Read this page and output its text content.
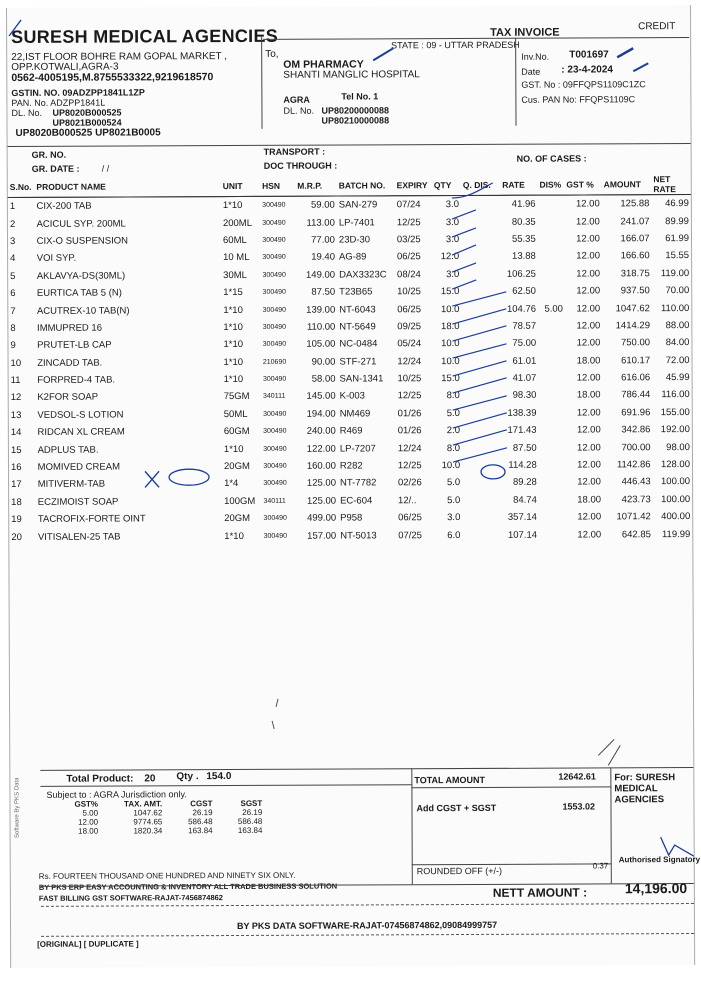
SURESH MEDICAL AGENCIES
22,IST FLOOR BOHRE RAM GOPAL MARKET ,
OPP.KOTWALI,AGRA-3
0562-4005195,M.8755533322,9219618570
GSTIN. NO. 09ADZPP1841L1ZP
PAN. No. ADZPP1841L
DL. No. UP8020B000525
UP8021B000524
UP8020B000525 UP8021B0005
To,
OM PHARMACY
SHANTI MANGLIC HOSPITAL
AGRA	Tel No. 1
DL. No. UP80200000088
UP80210000088
STATE : 09 - UTTAR PRADESH
TAX INVOICE	CREDIT
Inv.No. T001697
Date : 23-4-2024
GST. No : 09FFQPS1109C1ZC
Cus. PAN No: FFQPS1109C
GR. NO.
GR. DATE : / /
TRANSPORT :
DOC THROUGH :
NO. OF CASES :
S.No.	PRODUCT NAME	UNIT	HSN	M.R.P.	BATCH NO.	EXPIRY	QTY	Q. DIS.	RATE	DIS%	GST %	AMOUNT	NET RATE
1	CIX-200 TAB	1*10	300490	59.00	SAN-279	07/24	3.0		41.96		12.00	125.88	46.99
2	ACICUL SYP. 200ML	200ML	300490	113.00	LP-7401	12/25	3.0		80.35		12.00	241.07	89.99
3	CIX-O SUSPENSION	60ML	300490	77.00	23D-30	03/25	3.0		55.35		12.00	166.07	61.99
4	VOI SYP.	10 ML	300490	19.40	AG-89	06/25	12.0		13.88		12.00	166.60	15.55
5	AKLAVYA-DS(30ML)	30ML	300490	149.00	DAX3323C	08/24	3.0		106.25		12.00	318.75	119.00
6	EURTICA TAB 5 (N)	1*15	300490	87.50	T23B65	10/25	15.0		62.50		12.00	937.50	70.00
7	ACUTREX-10 TAB(N)	1*10	300490	139.00	NT-6043	06/25	10.0		104.76	5.00	12.00	1047.62	110.00
8	IMMUPRED 16	1*10	300490	110.00	NT-5649	09/25	18.0		78.57		12.00	1414.29	88.00
9	PRUTET-LB CAP	1*10	300490	105.00	NC-0484	05/24	10.0		75.00		12.00	750.00	84.00
10	ZINCADD TAB.	1*10	210690	90.00	STF-271	12/24	10.0		61.01		18.00	610.17	72.00
11	FORPRED-4 TAB.	1*10	300490	58.00	SAN-1341	10/25	15.0		41.07		12.00	616.06	45.99
12	K2FOR SOAP	75GM	340111	145.00	K-003	12/25	8.0		98.30		18.00	786.44	116.00
13	VEDSOL-S LOTION	50ML	300490	194.00	NM469	01/26	5.0		138.39		12.00	691.96	155.00
14	RIDCAN XL CREAM	60GM	300490	240.00	R469	01/26	2.0		171.43		12.00	342.86	192.00
15	ADPLUS TAB.	1*10	300490	122.00	LP-7207	12/24	8.0		87.50		12.00	700.00	98.00
16	MOMIVED CREAM	20GM	300490	160.00	R282	12/25	10.0		114.28		12.00	1142.86	128.00
17	MITIVERM-TAB	1*4	300490	125.00	NT-7782	02/26	5.0		89.28		12.00	446.43	100.00
18	ECZIMOIST SOAP	100GM	340111	125.00	EC-604	12/..	5.0		84.74		18.00	423.73	100.00
19	TACROFIX-FORTE OINT	20GM	300490	499.00	P958	06/25	3.0		357.14		12.00	1071.42	400.00
20	VITISALEN-25 TAB	1*10	300490	157.00	NT-5013	07/25	6.0		107.14		12.00	642.85	119.99
Total Product: 20 Qty . 154.0
Subject to : AGRA Jurisdiction only.
GST%	TAX. AMT.	CGST	SGST
5.00	1047.62	26.19	26.19
12.00	9774.65	586.48	586.48
18.00	1820.34	163.84	163.84
TOTAL AMOUNT	12642.61
Add CGST + SGST	1553.02
For: SURESH
MEDICAL
AGENCIES
ROUNDED OFF (+/-)	0.37
Authorised Signatory
Rs. FOURTEEN THOUSAND ONE HUNDRED AND NINETY SIX ONLY.
BY PKS ERP EASY ACCOUNTING & INVENTORY ALL TRADE BUSINESS SOLUTION
FAST BILLING GST SOFTWARE-RAJAT-7456874862	NETT AMOUNT :	14,196.00
BY PKS DATA SOFTWARE-RAJAT-07456874862,09084999757
[ORIGINAL] [ DUPLICATE ]
Software By PKS Data
